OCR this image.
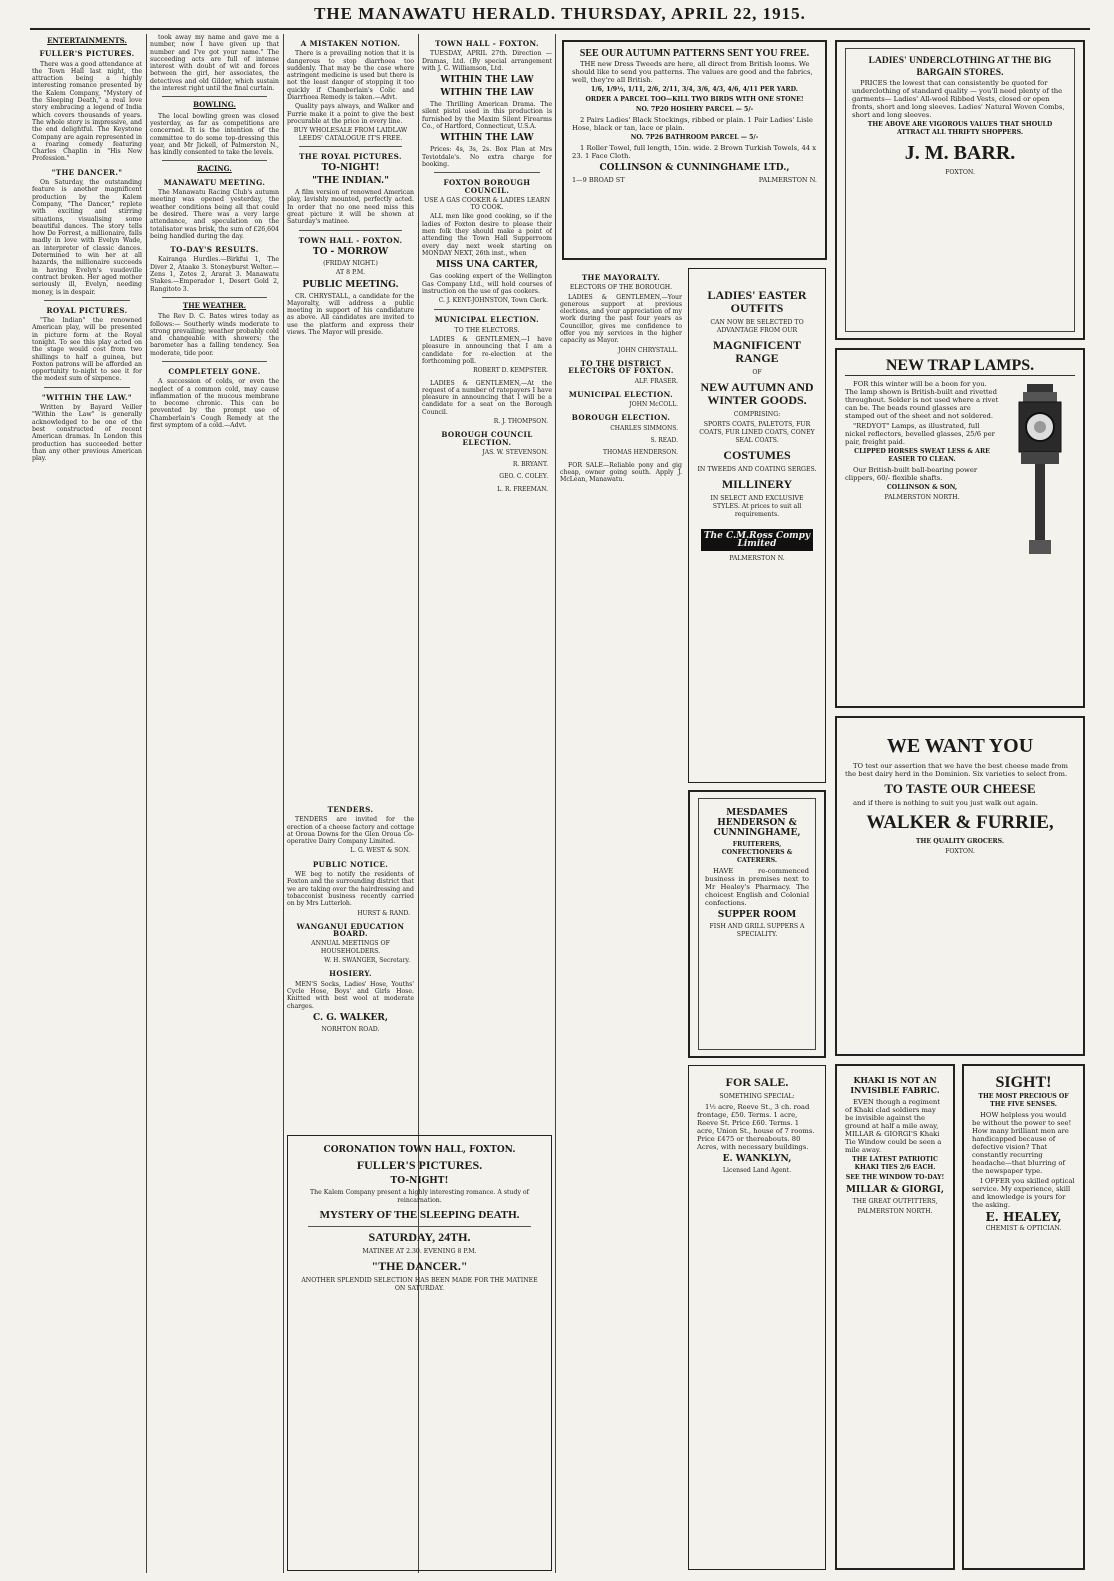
THE MANAWATU HERALD. THURSDAY, APRIL 22, 1915.
ENTERTAINMENTS.
FULLER'S PICTURES.

There was a good attendance at the Town Hall last night, the attraction being a highly interesting romance presented by the Kalem Company, "Mystery of the Sleeping Death," a real love story embracing a legend of India which covers thousands of years. The whole story is impressive, and the end delightful. The Keystone Company are again represented in a roaring comedy featuring Charles Chaplin in "His New Profession."

"THE DANCER."

On Saturday, the outstanding feature is another magnificent production by the Kalem Company, "The Dancer," replete with exciting and stirring situations, visualising some beautiful dances. The story tells how De Forrest, a millionaire, falls madly in love with Evelyn Wade, an interpreter of classic dances. Determined to win her at all hazards, the millionaire succeeds in having Evelyn's vaudeville contract broken. Her aged mother seriously ill, Evelyn, needing money, is in despair.

ROYAL PICTURES.

"The Indian" the renowned American play, will be presented in picture form at the Royal tonight. To see this play acted on the stage would cost from two shillings to half a guinea, but Foxton patrons will be afforded an opportunity to-night to see it for the modest sum of sixpence.

"WITHIN THE LAW."

Written by Bayard Veiller "Within the Law" is generally acknowledged to be one of the best constructed of recent American dramas. In London this production has succeeded better than any other previous American play.

took away my name and gave me a number, now I have given up that number and I've got your name." The succeeding acts are full of intense interest with doubt of wit and forces between the girl, her associates, the detectives and old Gilder, which sustain the interest right until the final curtain.

BOWLING.

The local bowling green was closed yesterday, as far as competitions are concerned. It is the intention of the committee to do some top-dressing this year, and Mr Jickell, of Palmerston N., has kindly consented to take the levels.

RACING.
MANAWATU MEETING.

The Manawatu Racing Club's autumn meeting was opened yesterday, the weather conditions being all that could be desired. There was a very large attendance, and speculation on the totalisator was brisk, the sum of £26,604 being handled during the day.

TO-DAY'S RESULTS.

Kairanga Hurdles.—Birkfui 1, The Diver 2, Ataake 3. Stoneyburst Welter.—Zens 1, Zetes 2, Ararat 3. Manawatu Stakes.—Emperador 1, Desert Gold 2, Rangitoto 3.

THE WEATHER.

The Rev D. C. Bates wires today as follows:— Southerly winds moderate to strong prevailing; weather probably cold and changeable with showers; the barometer has a falling tendency. Sea moderate, tide poor.

COMPLETELY GONE.

A succession of colds, or even the neglect of a common cold, may cause inflammation of the mucous membrane to become chronic. This can be prevented by the prompt use of Chamberlain's Cough Remedy at the first symptom of a cold.—Advt.

A MISTAKEN NOTION.

There is a prevailing notion that it is dangerous to stop diarrhoea too suddenly. That may be the case where astringent medicine is used but there is not the least danger of stopping it too quickly if Chamberlain's Colic and Diarrhoea Remedy is taken.—Advt.

Quality pays always, and Walker and Furrie make it a point to give the best procurable at the price in every line.

BUY WHOLESALE FROM LAIDLAW LEEDS' CATALOGUE IT'S FREE.
THE ROYAL PICTURES.
TO-NIGHT!
"THE INDIAN."

A film version of renowned American play, lavishly mounted, perfectly acted. In order that no one need miss this great picture it will be shown at Saturday's matinee.

TOWN HALL - FOXTON.
TO - MORROW
(FRIDAY NIGHT.)
AT 8 P.M.
PUBLIC MEETING.

CR. CHRYSTALL, a candidate for the Mayoralty, will address a public meeting in support of his candidature as above. All candidates are invited to use the platform and express their views. The Mayor will preside.

TENDERS.

TENDERS are invited for the erection of a cheese factory and cottage at Oroua Downs for the Glen Oroua Co-operative Dairy Company Limited.

L. G. WEST & SON.
PUBLIC NOTICE.

WE beg to notify the residents of Foxton and the surrounding district that we are taking over the hairdressing and tobacconist business recently carried on by Mrs Lutterloh.

HURST & RAND.
WANGANUI EDUCATION BOARD.
ANNUAL MEETINGS OF HOUSEHOLDERS.
W. H. SWANGER, Secretary.
HOSIERY.

MEN'S Socks, Ladies' Hose, Youths' Cycle Hose, Boys' and Girls Hose. Knitted with best wool at moderate charges.

C. G. WALKER,
NORHTON ROAD.
TOWN HALL - FOXTON.

TUESDAY, APRIL 27th. Direction — Dramas, Ltd. (By special arrangement with J. C. Williamson, Ltd.

WITHIN THE LAW
WITHIN THE LAW

The Thrilling American Drama. The silent pistol used in this production is furnished by the Maxim Silent Firearms Co., of Hartford, Connecticut, U.S.A.

WITHIN THE LAW

Prices: 4s, 3s, 2s. Box Plan at Mrs Teviotdale's. No extra charge for booking.

FOXTON BOROUGH COUNCIL.
USE A GAS COOKER & LADIES LEARN TO COOK.

ALL men like good cooking, so if the ladies of Foxton desire to please their men folk they should make a point of attending the Town Hall Supperroom every day next week starting on MONDAY NEXT, 26th inst., when

MISS UNA CARTER,

Gas cooking expert of the Wellington Gas Company Ltd., will hold courses of instruction on the use of gas cookers.

C. J. KENT-JOHNSTON, Town Clerk.
MUNICIPAL ELECTION.
TO THE ELECTORS.

LADIES & GENTLEMEN,—I have pleasure in announcing that I am a candidate for re-election at the forthcoming poll.

ROBERT D. KEMPSTER.

LADIES & GENTLEMEN,—At the request of a number of ratepayers I have pleasure in announcing that I will be a candidate for a seat on the Borough Council.

R. J. THOMPSON.
BOROUGH COUNCIL ELECTION.
JAS. W. STEVENSON.
R. BRYANT.
GEO. C. COLEY.
L. R. FREEMAN.
CORONATION TOWN HALL, FOXTON.
FULLER'S PICTURES.
TO-NIGHT!
The Kalem Company present a highly interesting romance. A study of reincarnation.
MYSTERY OF THE SLEEPING DEATH.
SATURDAY, 24TH.
MATINEE AT 2.30. EVENING 8 P.M.
"THE DANCER."
ANOTHER SPLENDID SELECTION HAS BEEN MADE FOR THE MATINEE ON SATURDAY.
SEE OUR AUTUMN PATTERNS SENT YOU FREE.

THE new Dress Tweeds are here, all direct from British looms. We should like to send you patterns. The values are good and the fabrics, well, they're all British.

1/6, 1/9½, 1/11, 2/6, 2/11, 3/4, 3/6, 4/3, 4/6, 4/11 PER YARD.
ORDER A PARCEL TOO—KILL TWO BIRDS WITH ONE STONE!
NO. 7P20 HOSIERY PARCEL — 5/-

2 Pairs Ladies' Black Stockings, ribbed or plain. 1 Pair Ladies' Lisle Hose, black or tan, lace or plain.

NO. 7P26 BATHROOM PARCEL — 5/-

1 Roller Towel, full length, 15in. wide. 2 Brown Turkish Towels, 44 x 23. 1 Face Cloth.

COLLINSON & CUNNINGHAME LTD.,
1—9 BROAD ST	PALMERSTON N.
THE MAYORALTY.
ELECTORS OF THE BOROUGH.

LADIES & GENTLEMEN,—Your generous support at previous elections, and your appreciation of my work during the past four years as Councillor, gives me confidence to offer you my services in the higher capacity as Mayor.

JOHN CHRYSTALL.
TO THE DISTRICT ELECTORS OF FOXTON.
ALF. FRASER.
MUNICIPAL ELECTION.
JOHN McCOLL.
BOROUGH ELECTION.
CHARLES SIMMONS.
S. READ.
THOMAS HENDERSON.

FOR SALE—Reliable pony and gig cheap, owner going south. Apply J. McLean, Manawatu.

LADIES' EASTER OUTFITS
CAN NOW BE SELECTED TO ADVANTAGE FROM OUR
MAGNIFICENT RANGE
OF
NEW AUTUMN AND WINTER GOODS.
COMPRISING:
SPORTS COATS, PALETOTS, FUR COATS, FUR LINED COATS, CONEY SEAL COATS.
COSTUMES
IN TWEEDS AND COATING SERGES.
MILLINERY
IN SELECT AND EXCLUSIVE STYLES. At prices to suit all requirements.
The C.M.Ross Compy Limited
PALMERSTON N.
MESDAMES HENDERSON & CUNNINGHAME,
FRUITERERS, CONFECTIONERS & CATERERS.

HAVE re-commenced business in premises next to Mr Healey's Pharmacy. The choicest English and Colonial confections.

SUPPER ROOM
FISH AND GRILL SUPPERS A SPECIALITY.
FOR SALE.
SOMETHING SPECIAL:

1½ acre, Reeve St., 3 ch. road frontage, £50. Terms. 1 acre, Reeve St. Price £60. Terms. 1 acre, Union St., house of 7 rooms. Price £475 or thereabouts. 80 Acres, with necessary buildings.

E. WANKLYN,
Licensed Land Agent.
LADIES' UNDERCLOTHING AT THE BIG BARGAIN STORES.

PRICES the lowest that can consistently be quoted for underclothing of standard quality — you'll need plenty of the garments— Ladies' All-wool Ribbed Vests, closed or open fronts, short and long sleeves. Ladies' Natural Woven Combs, short and long sleeves.

THE ABOVE ARE VIGOROUS VALUES THAT SHOULD ATTRACT ALL THRIFTY SHOPPERS.
J. M. BARR.
FOXTON.
NEW TRAP LAMPS.

FOR this winter will be a boon for you. The lamp shown is British-built and rivetted throughout. Solder is not used where a rivet can be. The beads round glasses are stamped out of the sheet and not soldered.

"REDYOT" Lamps, as illustrated, full nickel reflectors, bevelled glasses, 25/6 per pair, freight paid.

CLIPPED HORSES SWEAT LESS & ARE EASIER TO CLEAN.

Our British-built ball-bearing power clippers, 60/- flexible shafts.

COLLINSON & SON,
PALMERSTON NORTH.
WE WANT YOU

TO test our assertion that we have the best cheese made from the best dairy herd in the Dominion. Six varieties to select from.

TO TASTE OUR CHEESE

and if there is nothing to suit you just walk out again.

WALKER & FURRIE,
THE QUALITY GROCERS.
FOXTON.
KHAKI IS NOT AN INVISIBLE FABRIC.

EVEN though a regiment of Khaki clad soldiers may be invisible against the ground at half a mile away, MILLAR & GIORGI'S Khaki Tie Window could be seen a mile away.

THE LATEST PATRIOTIC KHAKI TIES 2/6 EACH.
SEE THE WINDOW TO-DAY!
MILLAR & GIORGI,
THE GREAT OUTFITTERS,
PALMERSTON NORTH.
SIGHT!
THE MOST PRECIOUS OF THE FIVE SENSES.

HOW helpless you would be without the power to see! How many brilliant men are handicapped because of defective vision? That constantly recurring headache—that blurring of the newspaper type.

I OFFER you skilled optical service. My experience, skill and knowledge is yours for the asking.

E. HEALEY,
CHEMIST & OPTICIAN.
